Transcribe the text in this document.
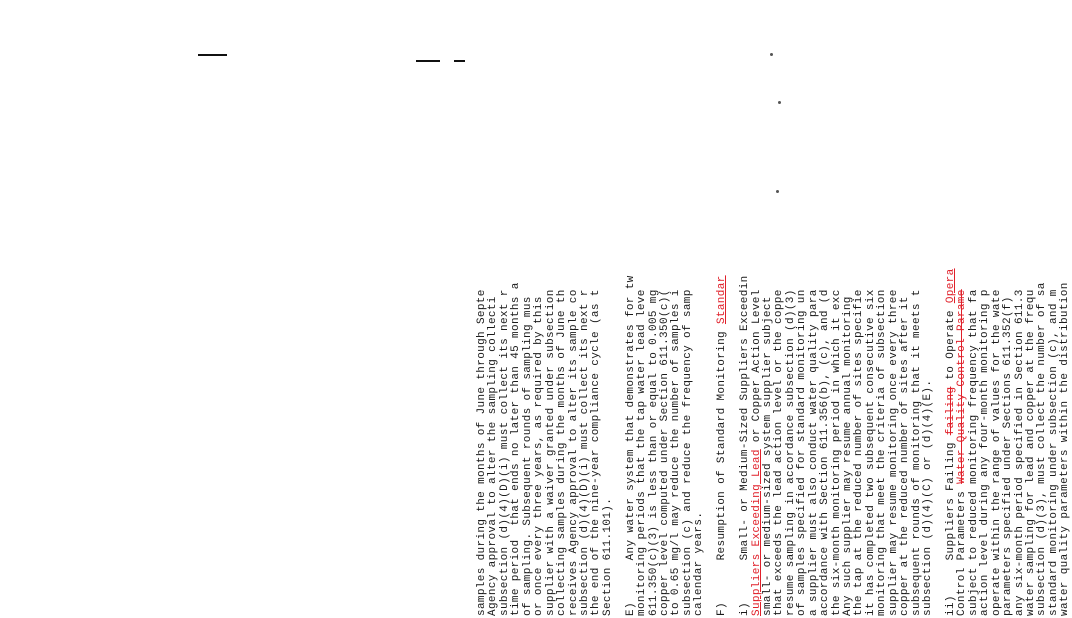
samples during the months of June through Septe Agency approval to alter the sampling collecti subsection (d)(4)(D)(i) must collect its next r time period  that ends no later than 45 months a of sampling. Subsequent rounds of sampling mus or once every three years, as required by this supplier with a waiver granted under subsection collecting samples during the months of June th receives Agency approval to alter its sample co subsection (d)(4)(D)(i) must collect its next r the end of the nine-year compliance cycle (as t Section 611.101). E)      Any water system that demonstrates for tw monitoring periods that the tap water lead leve 611.350(c)(3) is less than or equal to 0.005 mg copper level computed under Section 611.350(c)( to 0.65 mg/l may reduce the number of samples i subsection (c) and reduce the frequency of samp calendar years. F)      Resumption of Standard Monitoring Standar i)      Small- or Medium-Sized Suppliers Exceedin Suppliers Exceeding Lead or Copper Action Level small- or medium-sized system supplier subject that exceeds the lead action level or the coppe resume sampling in accordance subsection (d)(3) of samples specified for standard monitoring un a supplier must also conduct water quality para accordance with Section 611.356(b), (c), and (d the six-month monitoring period in which it exc Any such supplier may resume annual monitoring the tap at the reduced number of sites specifie it has completed two subsequent consecutive six monitoring that meet the criteria of subsection supplier may resume monitoring once every three copper at the reduced number of sites after it subsequent rounds of monitoring that it meets t subsection (d)(4)(C) or (d)(4)(E). ii)     Suppliers Failing failing to Operate Opera
Control Parameters Water Quality Control Parame subject to reduced monitoring frequency that fa action level during any four-month monitoring p operate within the range of values for the wate parameters specified under Sections 611.352(f) any six-month period specified in Section 611.3 water sampling for lead and copper at the frequ subsection (d)(3), must collect the number of sa standard monitoring under subsection (c), and m water quality parameters within the distribution
